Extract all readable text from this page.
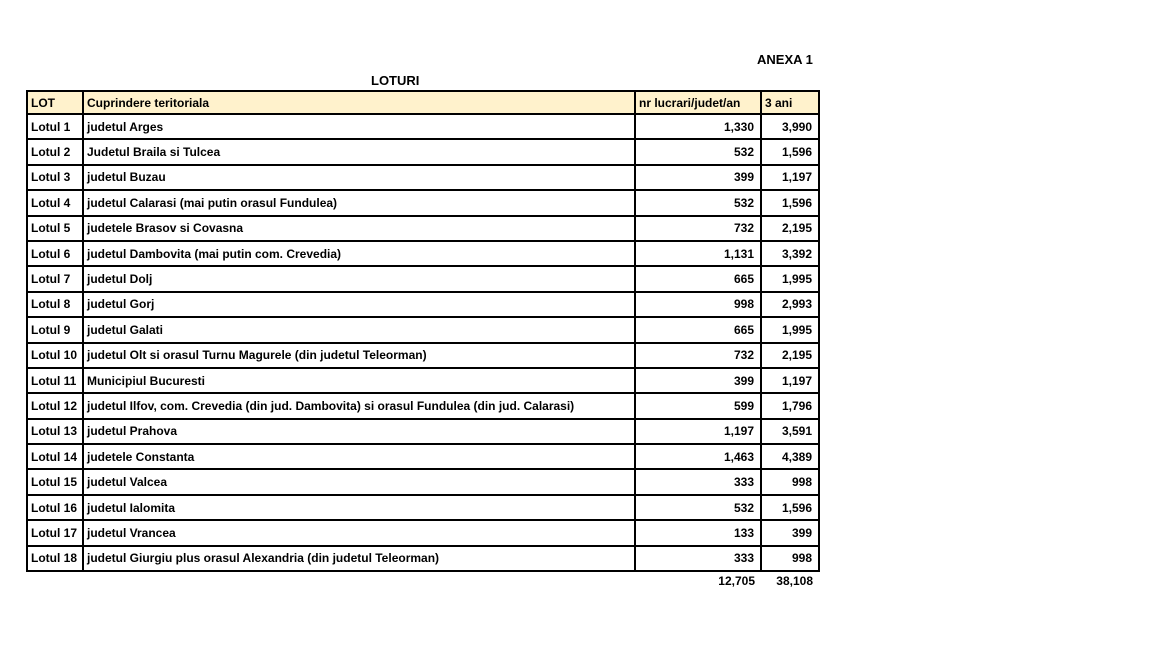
ANEXA 1
LOTURI
LOT	Cuprindere teritoriala	nr lucrari/judet/an	3 ani
Lotul 1	judetul Arges	1,330	3,990
Lotul 2	Judetul Braila si Tulcea	532	1,596
Lotul 3	judetul Buzau	399	1,197
Lotul 4	judetul Calarasi (mai putin orasul Fundulea)	532	1,596
Lotul 5	judetele Brasov si Covasna	732	2,195
Lotul 6	judetul Dambovita (mai putin com. Crevedia)	1,131	3,392
Lotul 7	judetul Dolj	665	1,995
Lotul 8	judetul Gorj	998	2,993
Lotul 9	judetul Galati	665	1,995
Lotul 10	judetul Olt si orasul Turnu Magurele (din judetul Teleorman)	732	2,195
Lotul 11	Municipiul Bucuresti	399	1,197
Lotul 12	judetul Ilfov, com. Crevedia (din jud. Dambovita) si orasul Fundulea (din jud. Calarasi)	599	1,796
Lotul 13	judetul Prahova	1,197	3,591
Lotul 14	judetele Constanta	1,463	4,389
Lotul 15	judetul Valcea	333	998
Lotul 16	judetul Ialomita	532	1,596
Lotul 17	judetul Vrancea	133	399
Lotul 18	judetul Giurgiu plus orasul Alexandria (din judetul Teleorman)	333	998
		12,705	38,108
